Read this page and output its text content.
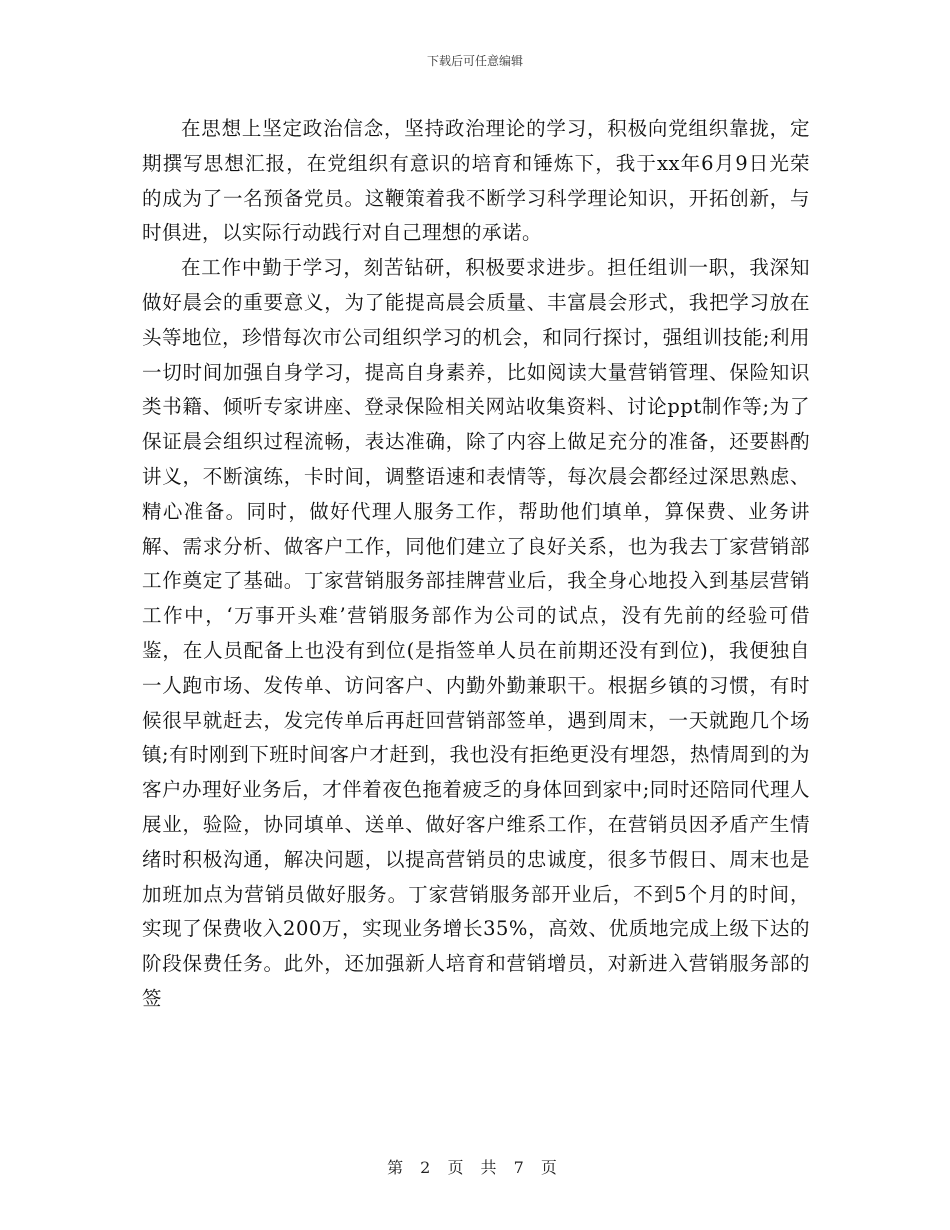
下载后可任意编辑

在思想上坚定政治信念，坚持政治理论的学习，积极向党组织靠拢，定期撰写思想汇报，在党组织有意识的培育和锤炼下，我于xx年6月9日光荣的成为了一名预备党员。这鞭策着我不断学习科学理论知识，开拓创新，与时俱进，以实际行动践行对自己理想的承诺。

在工作中勤于学习，刻苦钻研，积极要求进步。担任组训一职，我深知做好晨会的重要意义，为了能提高晨会质量、丰富晨会形式，我把学习放在头等地位，珍惜每次市公司组织学习的机会，和同行探讨，强组训技能;利用一切时间加强自身学习，提高自身素养，比如阅读大量营销管理、保险知识类书籍、倾听专家讲座、登录保险相关网站收集资料、讨论ppt制作等;为了保证晨会组织过程流畅，表达准确，除了内容上做足充分的准备，还要斟酌讲义，不断演练，卡时间，调整语速和表情等，每次晨会都经过深思熟虑、精心准备。同时，做好代理人服务工作，帮助他们填单，算保费、业务讲解、需求分析、做客户工作，同他们建立了良好关系，也为我去丁家营销部工作奠定了基础。丁家营销服务部挂牌营业后，我全身心地投入到基层营销工作中，‘万事开头难’营销服务部作为公司的试点，没有先前的经验可借鉴，在人员配备上也没有到位(是指签单人员在前期还没有到位)，我便独自一人跑市场、发传单、访问客户、内勤外勤兼职干。根据乡镇的习惯，有时候很早就赶去，发完传单后再赶回营销部签单，遇到周末，一天就跑几个场镇;有时刚到下班时间客户才赶到，我也没有拒绝更没有埋怨，热情周到的为客户办理好业务后，才伴着夜色拖着疲乏的身体回到家中;同时还陪同代理人展业，验险，协同填单、送单、做好客户维系工作，在营销员因矛盾产生情绪时积极沟通，解决问题，以提高营销员的忠诚度，很多节假日、周末也是加班加点为营销员做好服务。丁家营销服务部开业后，不到5个月的时间，实现了保费收入200万，实现业务增长35%，高效、优质地完成上级下达的阶段保费任务。此外，还加强新人培育和营销增员，对新进入营销服务部的签

第 2 页 共 7 页
